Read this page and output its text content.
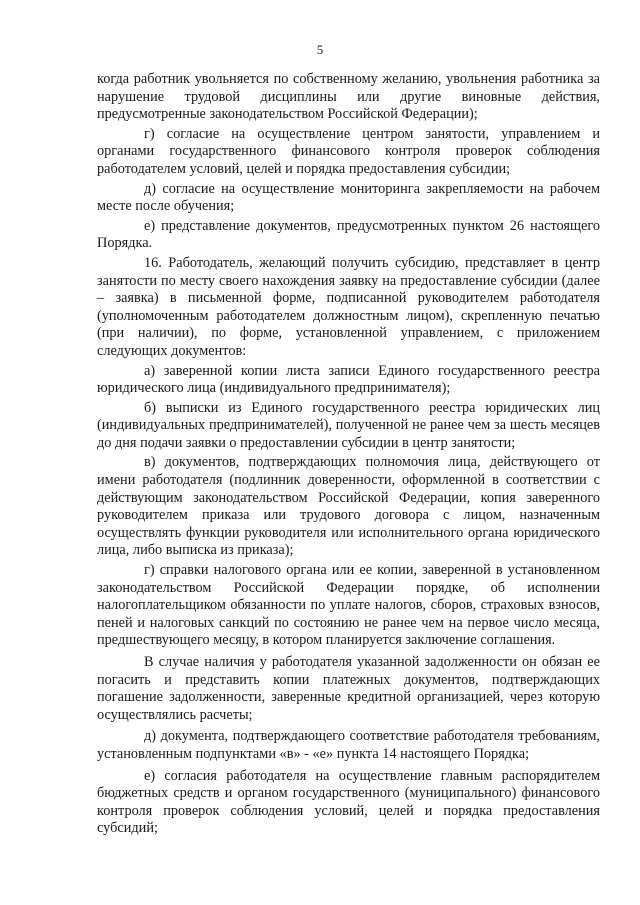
5

когда работник увольняется по собственному желанию, увольнения работника за нарушение трудовой дисциплины или другие виновные действия, предусмотренные законодательством Российской Федерации);

г) согласие на осуществление центром занятости, управлением и органами государственного финансового контроля проверок соблюдения работодателем условий, целей и порядка предоставления субсидии;

д) согласие на осуществление мониторинга закрепляемости на рабочем месте после обучения;

е) представление документов, предусмотренных пунктом 26 настоящего Порядка.

16. Работодатель, желающий получить субсидию, представляет в центр занятости по месту своего нахождения заявку на предоставление субсидии (далее – заявка) в письменной форме, подписанной руководителем работодателя (уполномоченным работодателем должностным лицом), скрепленную печатью (при наличии), по форме, установленной управлением, с приложением следующих документов:

а) заверенной копии листа записи Единого государственного реестра юридического лица (индивидуального предпринимателя);

б) выписки из Единого государственного реестра юридических лиц (индивидуальных предпринимателей), полученной не ранее чем за шесть месяцев до дня подачи заявки о предоставлении субсидии в центр занятости;

в) документов, подтверждающих полномочия лица, действующего от имени работодателя (подлинник доверенности, оформленной в соответствии с действующим законодательством Российской Федерации, копия заверенного руководителем приказа или трудового договора с лицом, назначенным осуществлять функции руководителя или исполнительного органа юридического лица, либо выписка из приказа);

г) справки налогового органа или ее копии, заверенной в установленном законодательством Российской Федерации порядке, об исполнении налогоплательщиком обязанности по уплате налогов, сборов, страховых взносов, пеней и налоговых санкций по состоянию не ранее чем на первое число месяца, предшествующего месяцу, в котором планируется заключение соглашения.

В случае наличия у работодателя указанной задолженности он обязан ее погасить и представить копии платежных документов, подтверждающих погашение задолженности, заверенные кредитной организацией, через которую осуществлялись расчеты;

д) документа, подтверждающего соответствие работодателя требованиям, установленным подпунктами «в» - «е» пункта 14 настоящего Порядка;

е) согласия работодателя на осуществление главным распорядителем бюджетных средств и органом государственного (муниципального) финансового контроля проверок соблюдения условий, целей и порядка предоставления субсидий;
